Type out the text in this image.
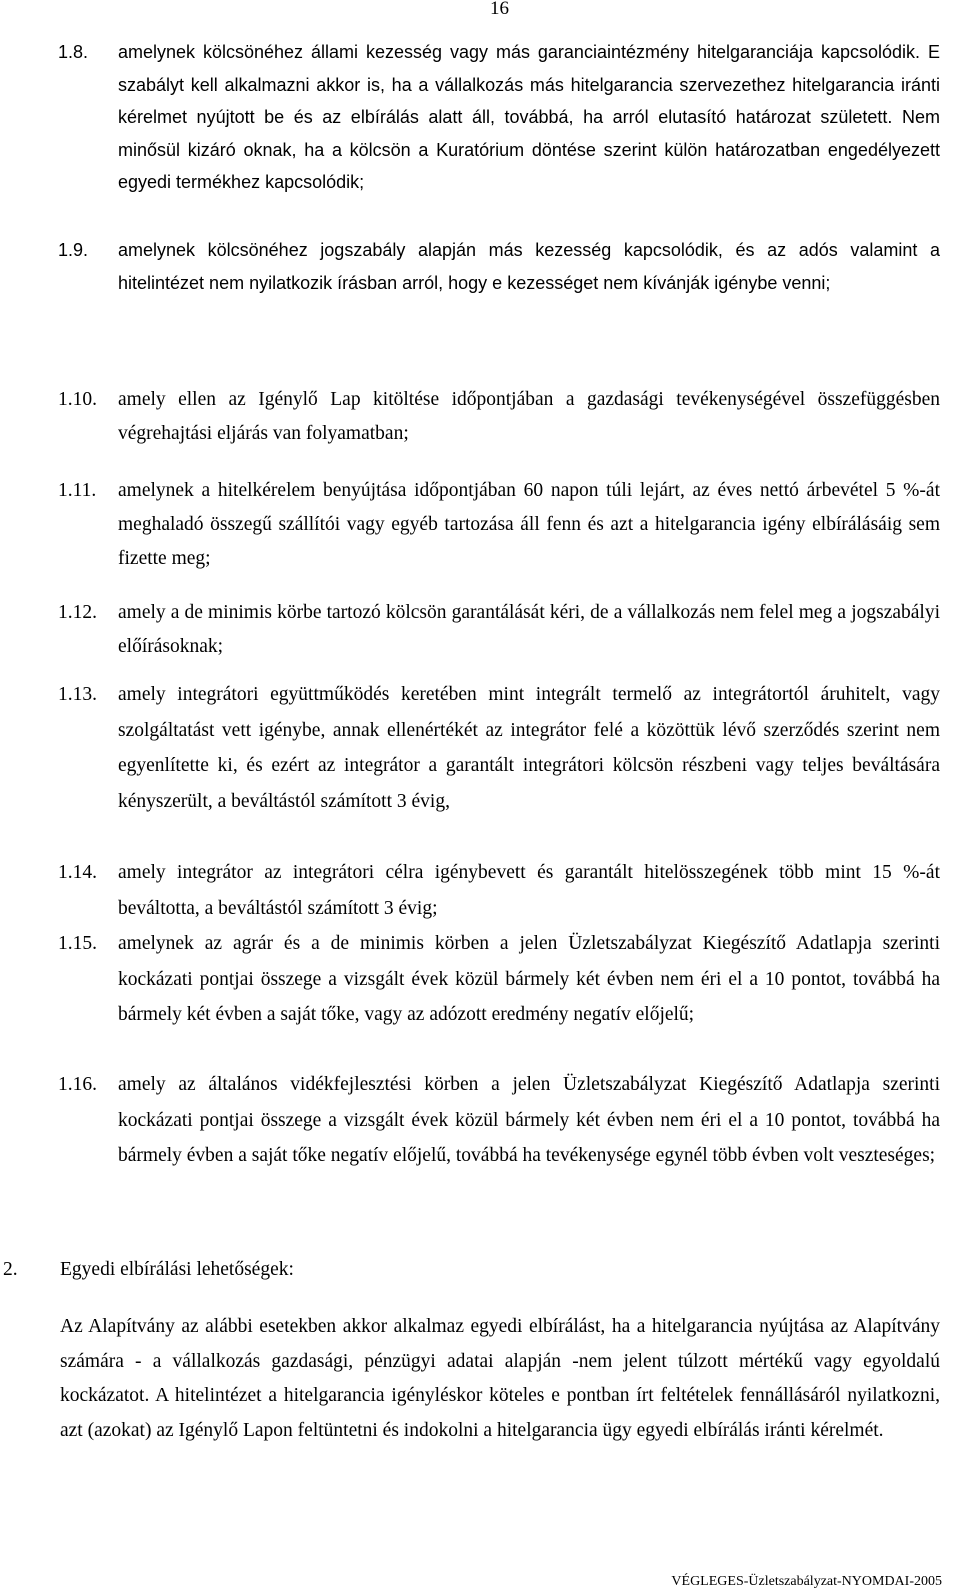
16
1.8.	amelynek kölcsönéhez állami kezesség vagy más garanciaintézmény hitelgaranciája kapcsolódik. E szabályt kell alkalmazni akkor is, ha a vállalkozás más hitelgarancia szervezethez hitelgarancia iránti kérelmet nyújtott be és az elbírálás alatt áll, továbbá, ha arról elutasító határozat született. Nem minősül kizáró oknak, ha a kölcsön a Kuratórium döntése szerint külön határozatban engedélyezett egyedi termékhez kapcsolódik;
1.9.	amelynek kölcsönéhez jogszabály alapján más kezesség kapcsolódik, és az adós valamint a hitelintézet nem nyilatkozik írásban arról, hogy e kezességet nem kívánják igénybe venni;
1.10.	amely ellen az Igénylő Lap kitöltése időpontjában a gazdasági tevékenységével összefüggésben végrehajtási eljárás van folyamatban;
1.11.	amelynek a hitelkérelem benyújtása időpontjában 60 napon túli lejárt, az éves nettó árbevétel 5 %-át meghaladó összegű szállítói vagy egyéb tartozása áll fenn és azt a hitelgarancia igény elbírálásáig sem fizette meg;
1.12.	amely a de minimis körbe tartozó kölcsön garantálását kéri, de a vállalkozás nem felel meg a jogszabályi előírásoknak;
1.13.	amely integrátori együttműködés keretében mint integrált termelő az integrátortól áruhitelt, vagy szolgáltatást vett igénybe, annak ellenértékét az integrátor felé a közöttük lévő szerződés szerint nem egyenlítette ki, és ezért az integrátor a garantált integrátori kölcsön részbeni vagy teljes beváltására kényszerült, a beváltástól számított 3 évig,
1.14.	amely integrátor az integrátori célra igénybevett és garantált hitelösszegének több mint 15 %-át beváltotta, a beváltástól számított 3 évig;
1.15.	amelynek az agrár és a de minimis körben a jelen Üzletszabályzat Kiegészítő Adatlapja szerinti kockázati pontjai összege a vizsgált évek közül bármely két évben nem éri el a 10 pontot, továbbá ha bármely két évben a saját tőke, vagy az adózott eredmény negatív előjelű;
1.16.	amely az általános vidékfejlesztési körben a jelen Üzletszabályzat Kiegészítő Adatlapja szerinti kockázati pontjai összege a vizsgált évek közül bármely két évben nem éri el a 10 pontot, továbbá ha bármely évben a saját tőke negatív előjelű, továbbá ha tevékenysége egynél több évben volt veszteséges;
2. Egyedi elbírálási lehetőségek:
Az Alapítvány az alábbi esetekben akkor alkalmaz egyedi elbírálást, ha a hitelgarancia nyújtása az Alapítvány számára - a vállalkozás gazdasági, pénzügyi adatai alapján -nem jelent túlzott mértékű vagy egyoldalú kockázatot. A hitelintézet a hitelgarancia igényléskor köteles e pontban írt feltételek fennállásáról nyilatkozni, azt (azokat) az Igénylő Lapon feltüntetni és indokolni a hitelgarancia ügy egyedi elbírálás iránti kérelmét.
VÉGLEGES-Üzletszabályzat-NYOMDAI-2005
